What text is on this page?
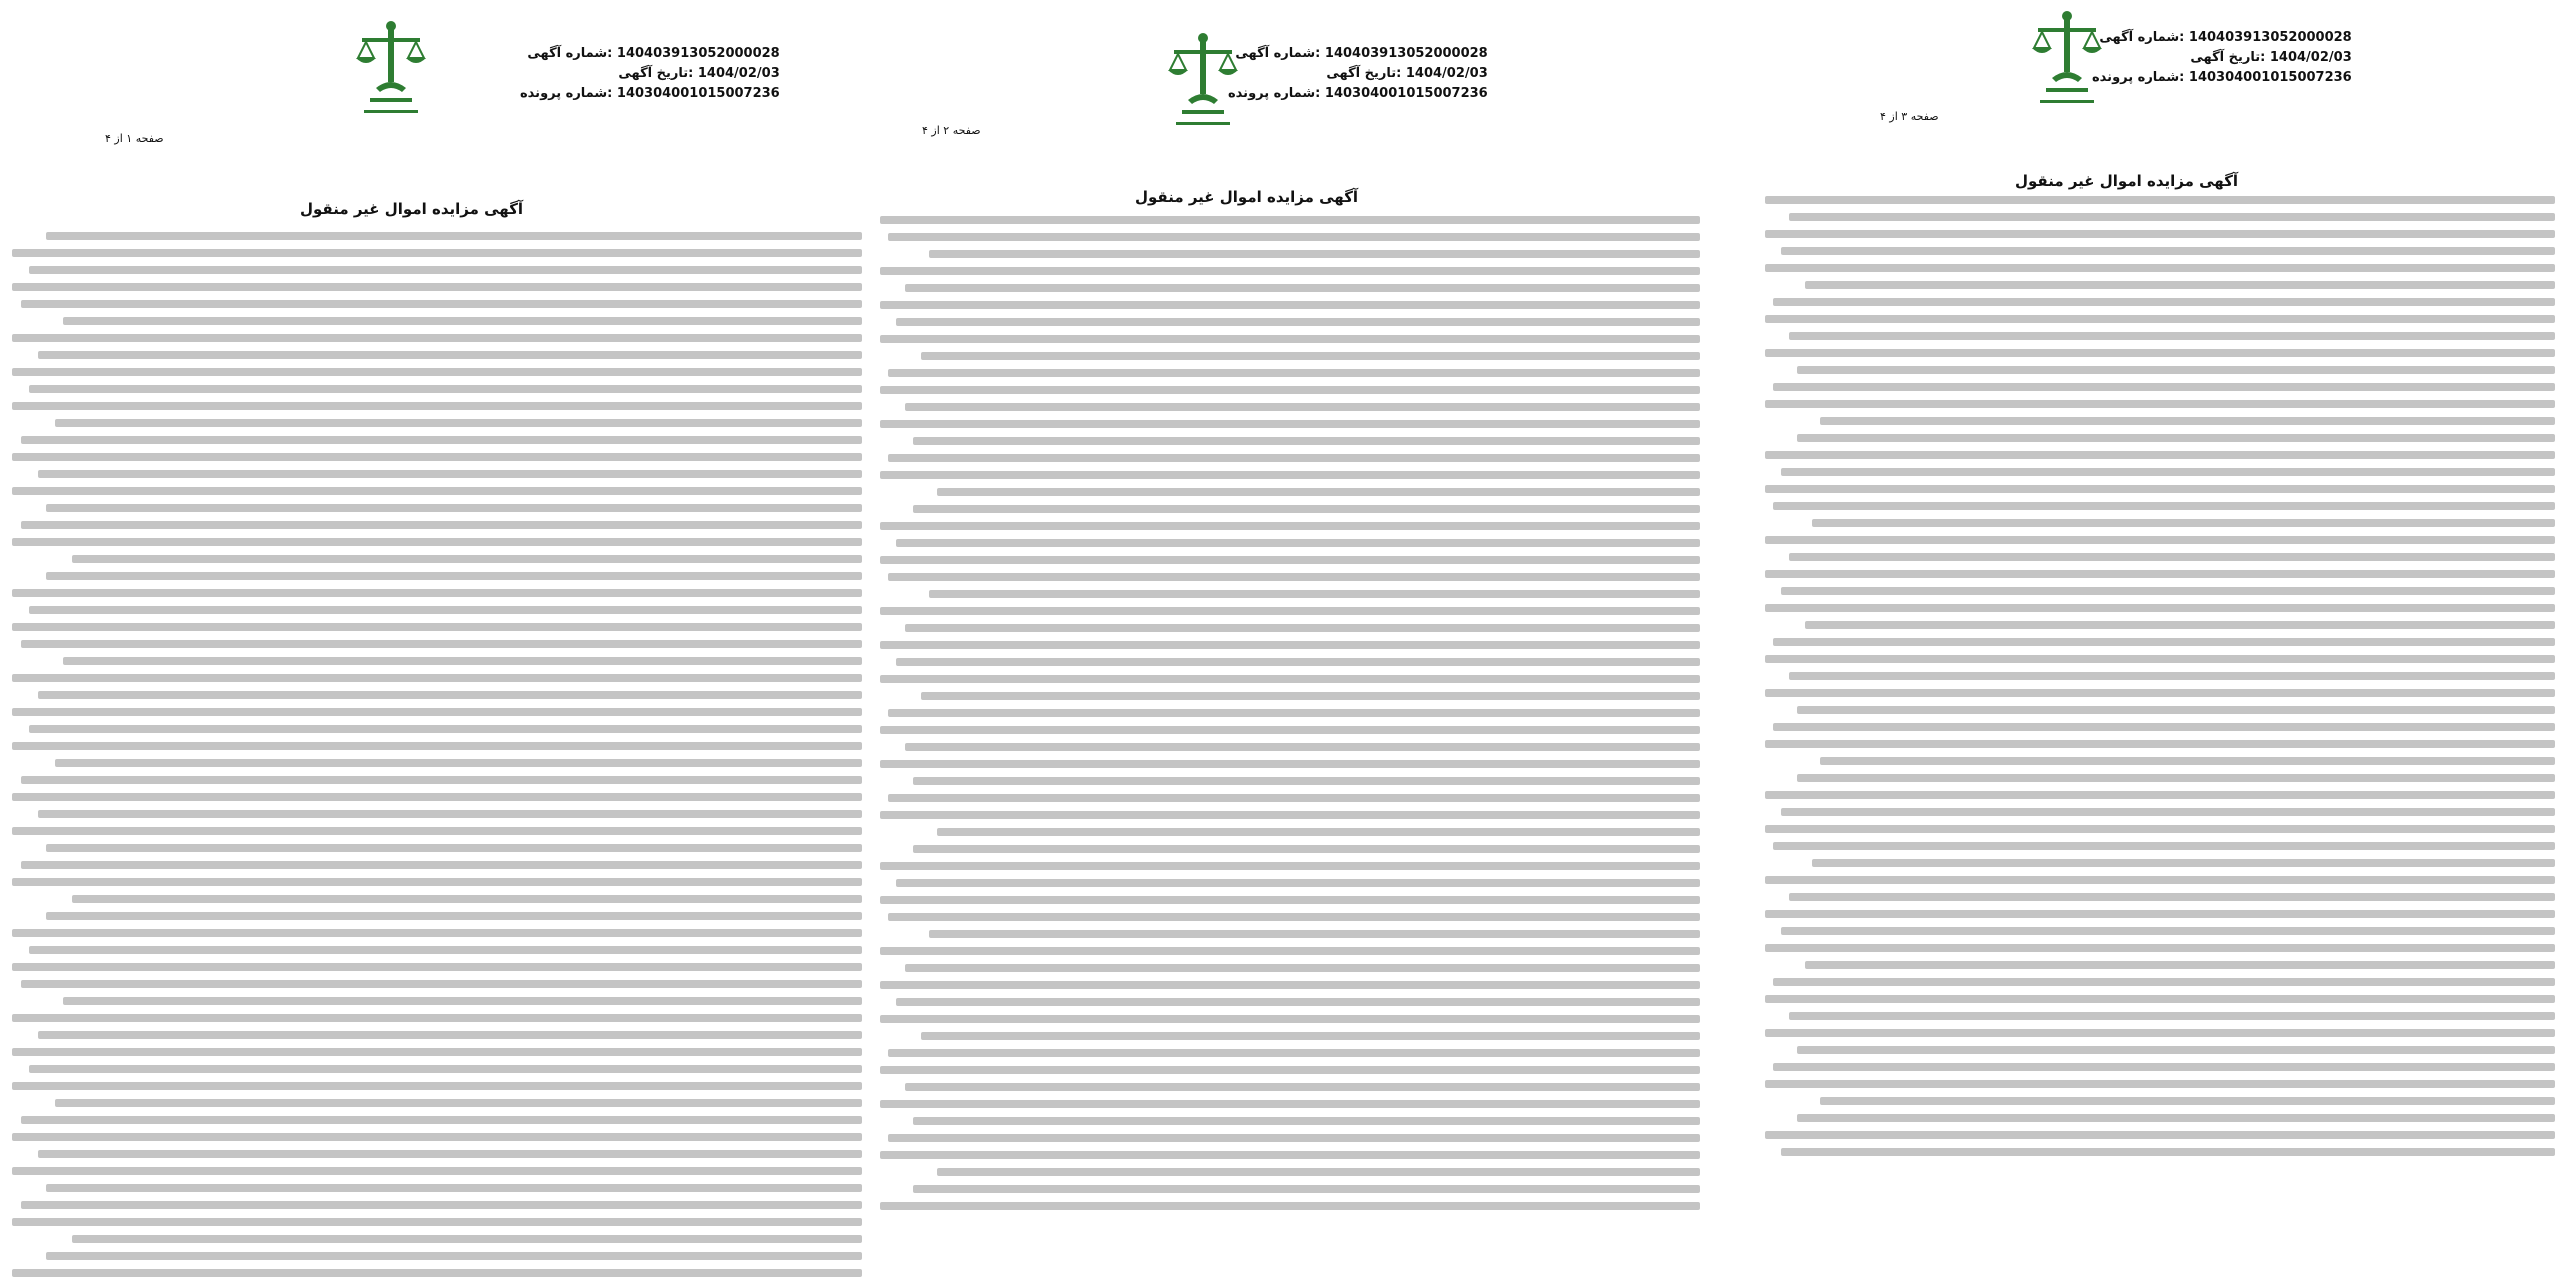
140403913052000028 :شماره آگهی
1404/02/03 :تاریخ آگهی
140304001015007236 :شماره پرونده
صفحه ۱ از ۴
آگهی مزایده اموال غیر منقول
140403913052000028 :شماره آگهی
1404/02/03 :تاریخ آگهی
140304001015007236 :شماره پرونده
صفحه ۲ از ۴
آگهی مزایده اموال غیر منقول
140403913052000028 :شماره آگهی
1404/02/03 :تاریخ آگهی
140304001015007236 :شماره پرونده
صفحه ۳ از ۴
آگهی مزایده اموال غیر منقول
